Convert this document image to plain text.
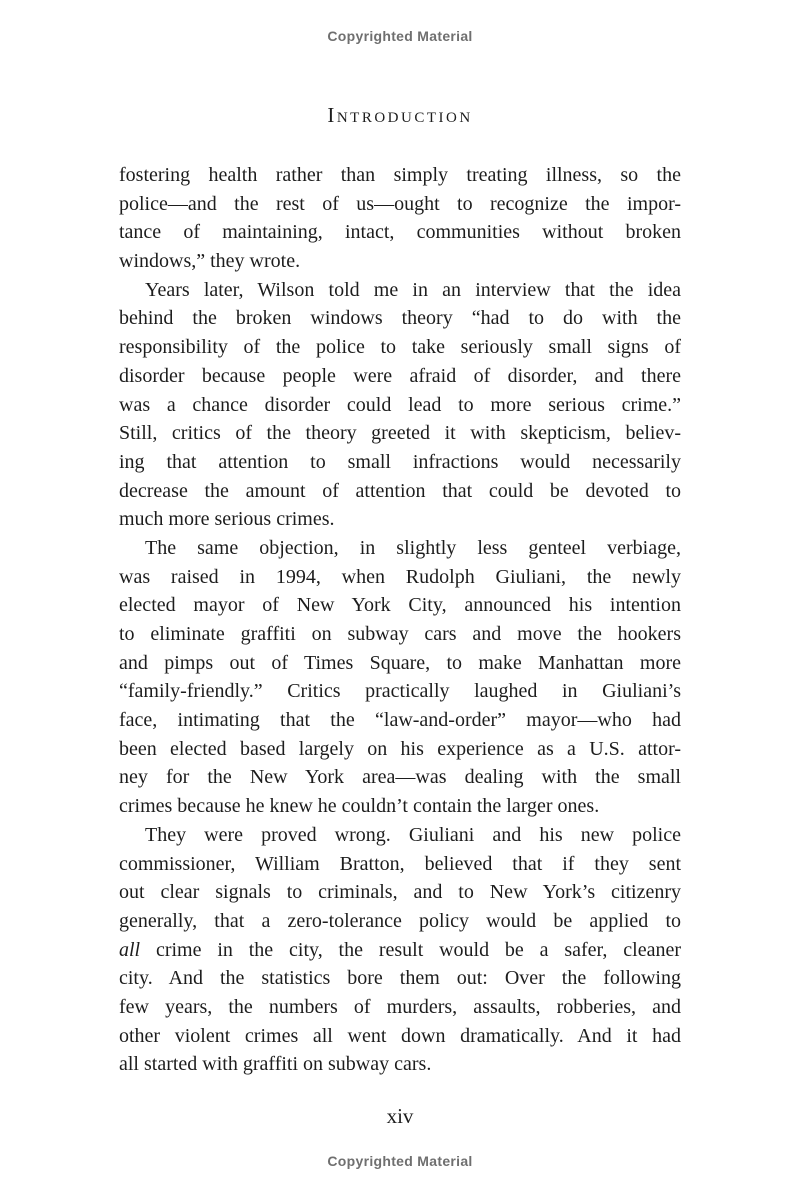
Copyrighted Material
Introduction
fostering health rather than simply treating illness, so the
police—and the rest of us—ought to recognize the impor-
tance of maintaining, intact, communities without broken
windows,” they wrote.
Years later, Wilson told me in an interview that the idea
behind the broken windows theory “had to do with the
responsibility of the police to take seriously small signs of
disorder because people were afraid of disorder, and there
was a chance disorder could lead to more serious crime.”
Still, critics of the theory greeted it with skepticism, believ-
ing that attention to small infractions would necessarily
decrease the amount of attention that could be devoted to
much more serious crimes.
The same objection, in slightly less genteel verbiage,
was raised in 1994, when Rudolph Giuliani, the newly
elected mayor of New York City, announced his intention
to eliminate graffiti on subway cars and move the hookers
and pimps out of Times Square, to make Manhattan more
“family-friendly.” Critics practically laughed in Giuliani’s
face, intimating that the “law-and-order” mayor—who had
been elected based largely on his experience as a U.S. attor-
ney for the New York area—was dealing with the small
crimes because he knew he couldn’t contain the larger ones.
They were proved wrong. Giuliani and his new police
commissioner, William Bratton, believed that if they sent
out clear signals to criminals, and to New York’s citizenry
generally, that a zero-tolerance policy would be applied to
all crime in the city, the result would be a safer, cleaner
city. And the statistics bore them out: Over the following
few years, the numbers of murders, assaults, robberies, and
other violent crimes all went down dramatically. And it had
all started with graffiti on subway cars.
xiv
Copyrighted Material
